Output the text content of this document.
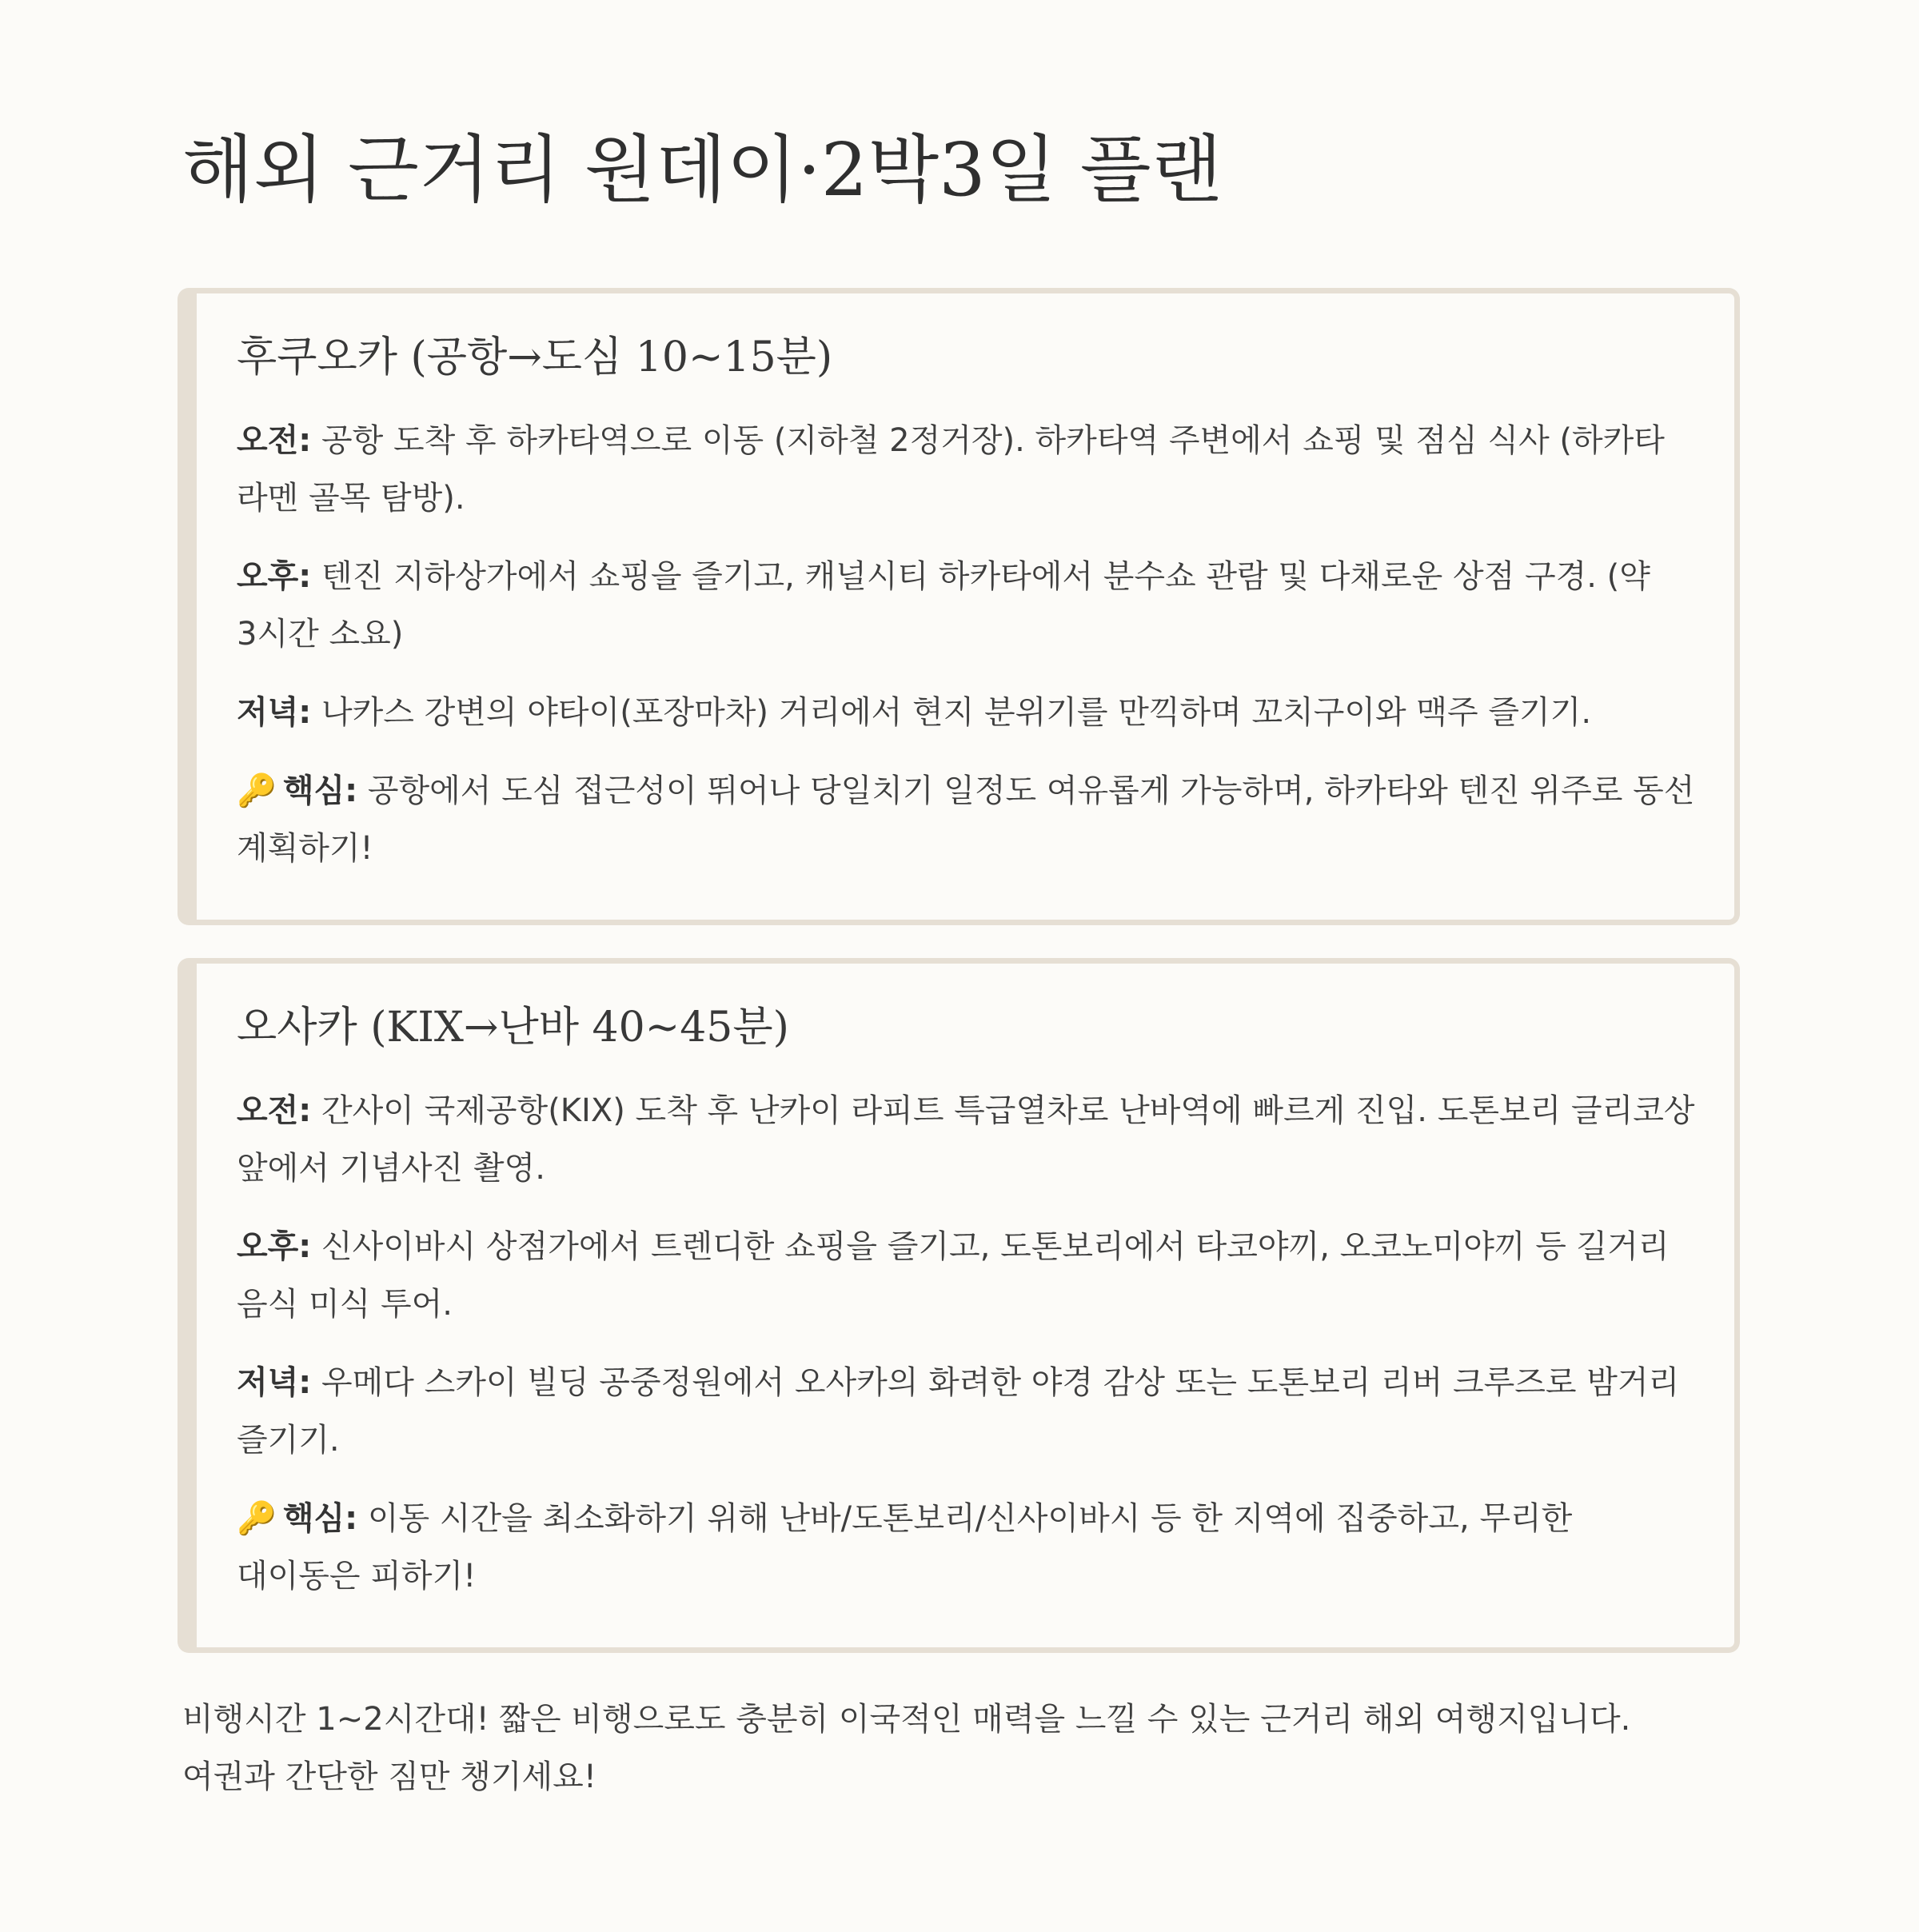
해외 근거리 원데이·2박3일 플랜
후쿠오카 (공항→도심 10~15분)

오전: 공항 도착 후 하카타역으로 이동 (지하철 2정거장). 하카타역 주변에서 쇼핑 및 점심 식사 (하카타 라멘 골목 탐방).

오후: 텐진 지하상가에서 쇼핑을 즐기고, 캐널시티 하카타에서 분수쇼 관람 및 다채로운 상점 구경. (약 3시간 소요)

저녁: 나카스 강변의 야타이(포장마차) 거리에서 현지 분위기를 만끽하며 꼬치구이와 맥주 즐기기.

🔑 핵심: 공항에서 도심 접근성이 뛰어나 당일치기 일정도 여유롭게 가능하며, 하카타와 텐진 위주로 동선 계획하기!

오사카 (KIX→난바 40~45분)

오전: 간사이 국제공항(KIX) 도착 후 난카이 라피트 특급열차로 난바역에 빠르게 진입. 도톤보리 글리코상 앞에서 기념사진 촬영.

오후: 신사이바시 상점가에서 트렌디한 쇼핑을 즐기고, 도톤보리에서 타코야끼, 오코노미야끼 등 길거리 음식 미식 투어.

저녁: 우메다 스카이 빌딩 공중정원에서 오사카의 화려한 야경 감상 또는 도톤보리 리버 크루즈로 밤거리 즐기기.

🔑 핵심: 이동 시간을 최소화하기 위해 난바/도톤보리/신사이바시 등 한 지역에 집중하고, 무리한 대이동은 피하기!

비행시간 1~2시간대! 짧은 비행으로도 충분히 이국적인 매력을 느낄 수 있는 근거리 해외 여행지입니다.
여권과 간단한 짐만 챙기세요!
